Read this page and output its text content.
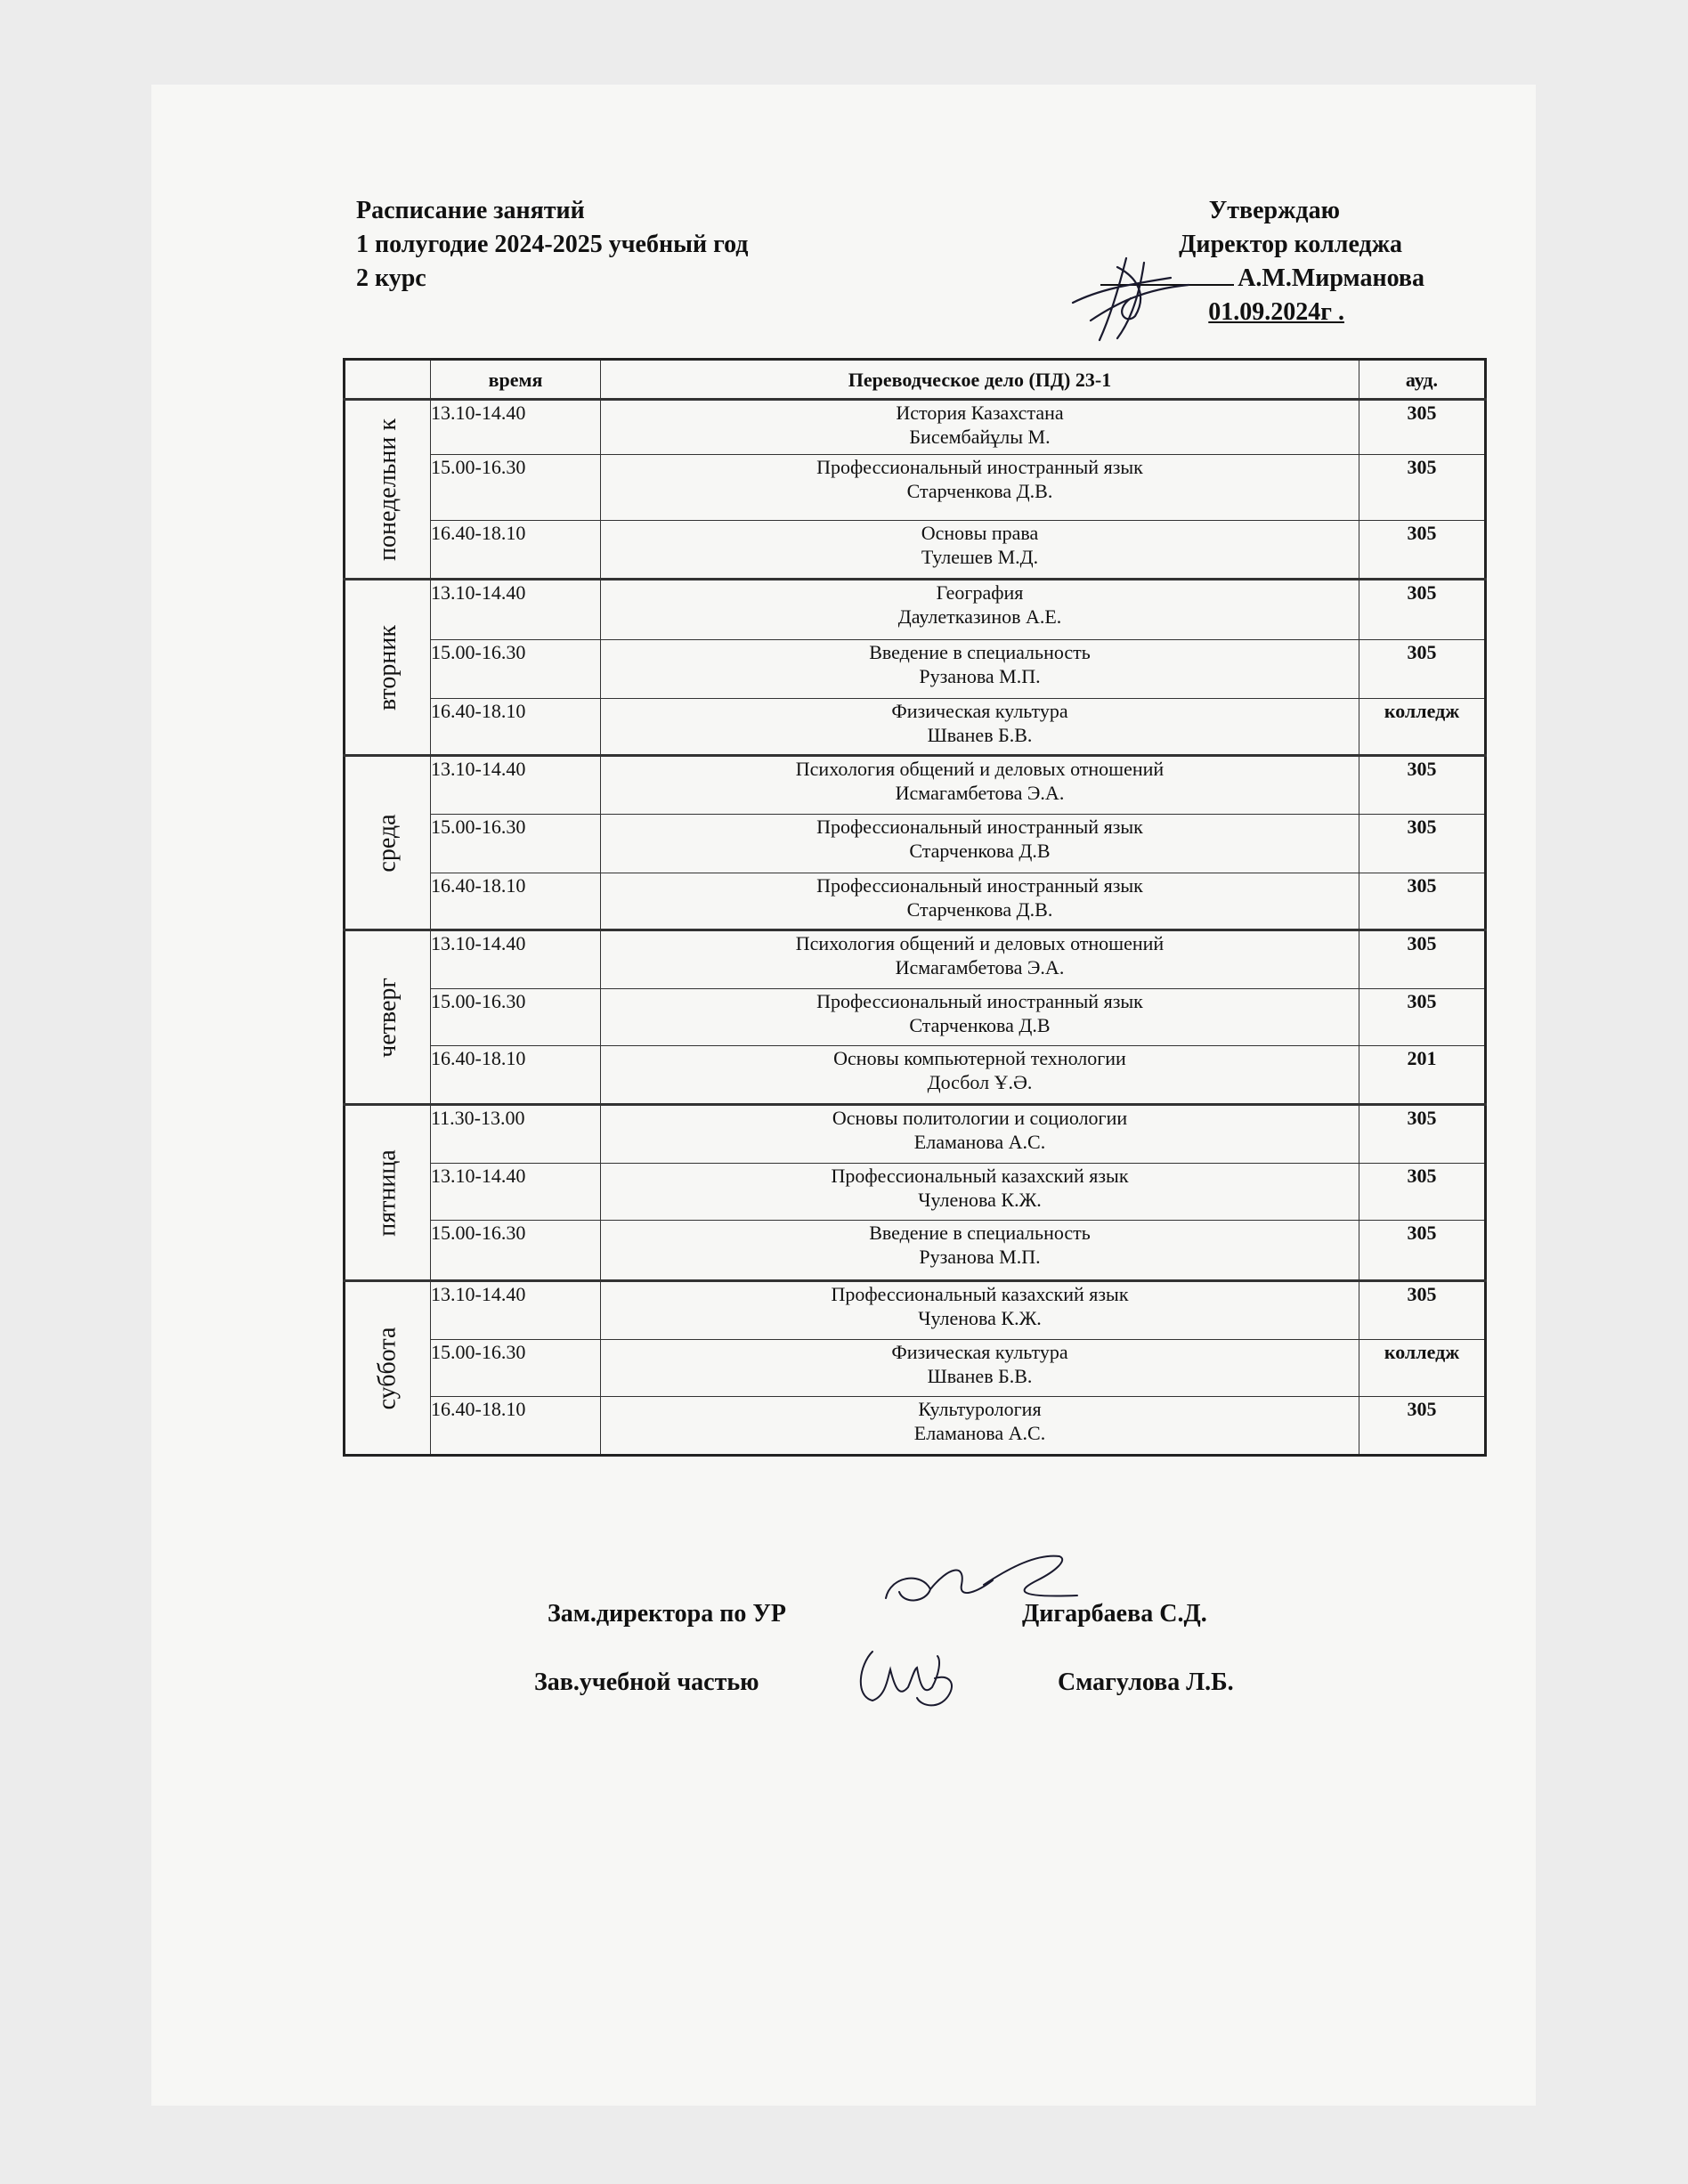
Расписание занятий
1 полугодие 2024-2025 учебный год
2 курс
Утверждаю
Директор колледжа
А.М.Мирманова
01.09.2024г .
	время	Переводческое дело (ПД) 23-1	ауд.

понедельни к	13.10-14.40	История Казахстана
Бисембайұлы М.	305
	15.00-16.30	Профессиональный иностранный язык
Старченкова Д.В.	305
	16.40-18.10	Основы права
Тулешев М.Д.	305

вторник	13.10-14.40	География
Даулетказинов А.Е.	305
	15.00-16.30	Введение в специальность
Рузанова М.П.	305
	16.40-18.10	Физическая культура
Шванев Б.В.	колледж

среда	13.10-14.40	Психология общений и деловых отношений
Исмагамбетова Э.А.	305
	15.00-16.30	Профессиональный иностранный язык
Старченкова Д.В	305
	16.40-18.10	Профессиональный иностранный язык
Старченкова Д.В.	305

четверг	13.10-14.40	Психология общений и деловых отношений
Исмагамбетова Э.А.	305
	15.00-16.30	Профессиональный иностранный язык
Старченкова Д.В	305
	16.40-18.10	Основы компьютерной технологии
Досбол Ұ.Ә.	201

пятница	11.30-13.00	Основы политологии и социологии
Еламанова А.С.	305
	13.10-14.40	Профессиональный казахский язык
Чуленова К.Ж.	305
	15.00-16.30	Введение в специальность
Рузанова М.П.	305

суббота	13.10-14.40	Профессиональный казахский язык
Чуленова К.Ж.	305
	15.00-16.30	Физическая культура
Шванев Б.В.	колледж
	16.40-18.10	Культурология
Еламанова А.С.	305
Зам.директора по УР	Дигарбаева С.Д.
Зав.учебной частью	Смагулова Л.Б.
